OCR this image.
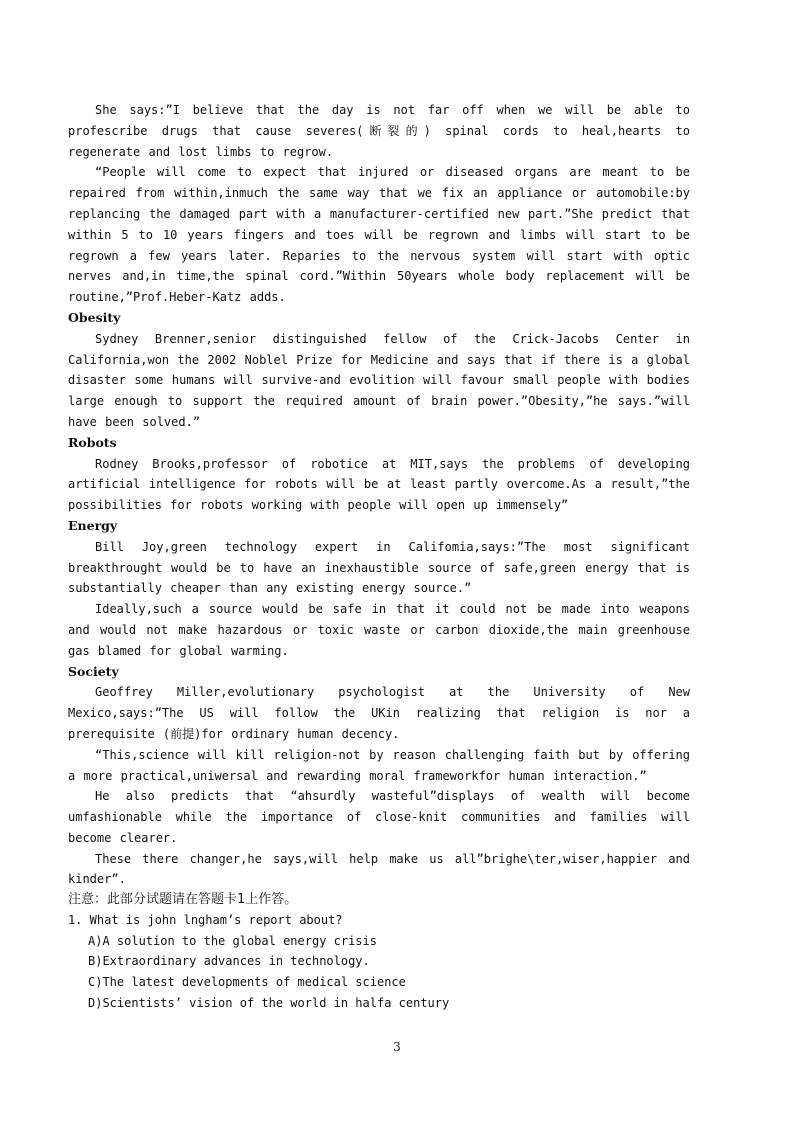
She says:”I believe that the day is not far off when we will be able to profescribe drugs that cause severes(断裂的) spinal cords to heal,hearts to regenerate and lost limbs to regrow.

“People will come to expect that injured or diseased organs are meant to be repaired from within,inmuch the same way that we fix an appliance or automobile:by replancing the damaged part with a manufacturer-certified new part.”She predict that within 5 to 10 years fingers and toes will be regrown and limbs will start to be regrown a few years later. Reparies to the nervous system will start with optic nerves and,in time,the spinal cord.”Within 50years whole body replacement will be routine,”Prof.Heber-Katz adds.

Obesity

Sydney Brenner,senior distinguished fellow of the Crick-Jacobs Center in California,won the 2002 Noblel Prize for Medicine and says that if there is a global disaster some humans will survive-and evolition will favour small people with bodies large enough to support the required amount of brain power.”Obesity,”he says.”will have been solved.”

Robots

Rodney Brooks,professor of robotice at MIT,says the problems of developing artificial intelligence for robots will be at least partly overcome.As a result,”the possibilities for robots working with people will open up immensely”

Energy

Bill Joy,green technology expert in Califomia,says:”The most significant breakthrought would be to have an inexhaustible source of safe,green energy that is substantially cheaper than any existing energy source.”

Ideally,such a source would be safe in that it could not be made into weapons and would not make hazardous or toxic waste or carbon dioxide,the main greenhouse gas blamed for global warming.

Society

Geoffrey Miller,evolutionary psychologist at the University of New Mexico,says:”The US will follow the UKin realizing that religion is nor a prerequisite (前提)for ordinary human decency.

“This,science will kill religion-not by reason challenging faith but by offering a more practical,uniwersal and rewarding moral frameworkfor human interaction.”

He also predicts that “ahsurdly wasteful”displays of wealth will become umfashionable while the importance of close-knit communities and families will become clearer.

These there changer,he says,will help make us all”brighe\ter,wiser,happier and kinder”.

注意：此部分试题请在答题卡1上作答。

1. What is john lngham’s report about?

A)A solution to the global energy crisis

B)Extraordinary advances in technology.

C)The latest developments of medical science

D)Scientists’ vision of the world in halfa century

3
